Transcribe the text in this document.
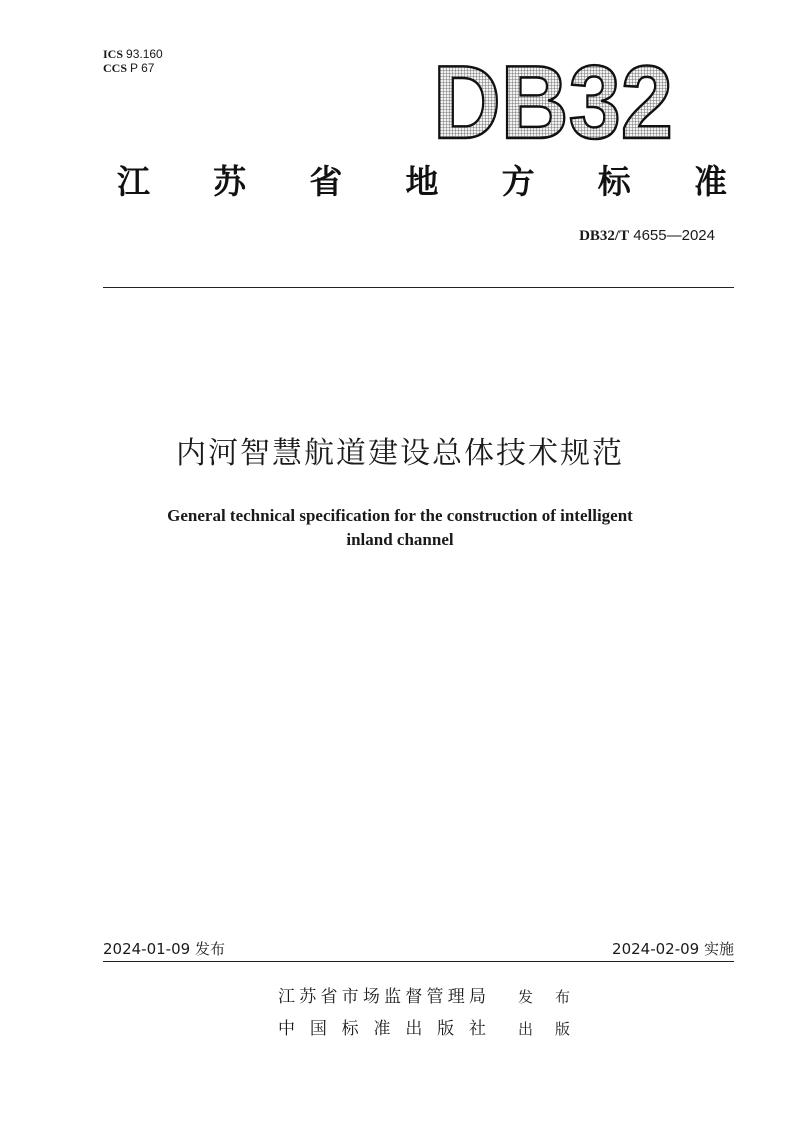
ICS 93.160
CCS P 67	DB32
江 苏 省 地 方 标 准
DB32/T 4655—2024
内河智慧航道建设总体技术规范
General technical specification for the construction of intelligent
inland channel
2024-01-09 发布	2024-02-09 实施
江 苏 省 市 场 监 督 管 理 局 发 布
中 国 标 准 出 版 社 出 版
